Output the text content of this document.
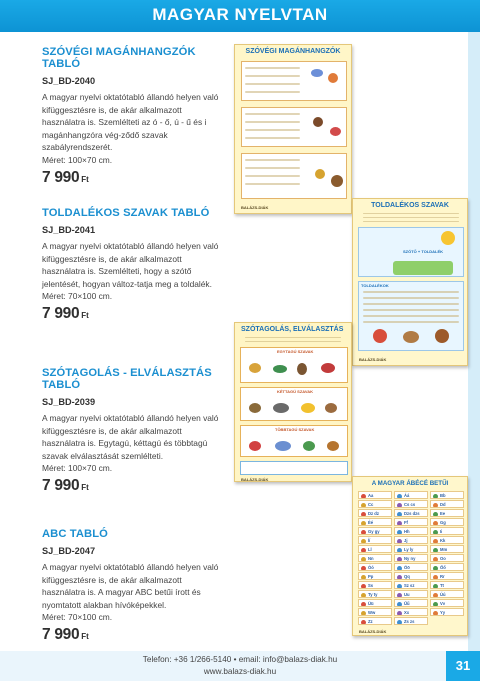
MAGYAR NYELVTAN
SZÓVÉGI MAGÁNHANGZÓK TABLÓ
SJ_BD-2040
A magyar nyelvi oktatótabló állandó helyen való kifüggesztésre is, de akár alkalmazott használatra is. Szemlélteti az ó - ő, ú - ű és i magánhangzóra vég-ződő szavak szabályrendszerét.
Méret: 100×70 cm.
7 990 Ft
TOLDALÉKOS SZAVAK TABLÓ
SJ_BD-2041
A magyar nyelvi oktatótabló állandó helyen való kifüggesztésre is, de akár alkalmazott használatra is. Szemlélteti, hogy a szótő jelentését, hogyan változ-tatja meg a toldalék.
Méret: 70×100 cm.
7 990 Ft
SZÓTAGOLÁS - ELVÁLASZTÁS TABLÓ
SJ_BD-2039
A magyar nyelvi oktatótabló állandó helyen való kifüggesztésre is, de akár alkalmazott használatra is. Egytagú, kéttagú és többtagú szavak elválasztását szemlélteti.
Méret: 100×70 cm.
7 990 Ft
ABC TABLÓ
SJ_BD-2047
A magyar nyelvi oktatótabló állandó helyen való kifüggesztésre is, de akár alkalmazott használatra is. A magyar ABC betűi írott és nyomtatott alakban hívóképekkel.
Méret: 70×100 cm.
7 990 Ft
SZÓVÉGI MAGÁNHANGZÓK
BALÁZS-DIÁK	TOLDALÉKOS SZAVAK
SZÓTŐ + TOLDALÉK
TOLDALÉKOK
BALÁZS-DIÁK
SZÓTAGOLÁS, ELVÁLASZTÁS
EGYTAGÚ SZAVAK
KÉTTAGÚ SZAVAK
TÖBBTAGÚ SZAVAK
BALÁZS-DIÁK
A MAGYAR ÁBÉCÉ BETŰI
Aa	Áá	Bb
Cc	Cs cs	Dd
Dz dz	Dzs dzs	Ee
Éé	Ff	Gg
Gy gy	Hh	Ii
Íí	Jj	Kk
Ll	Ly ly	Mm
Nn	Ny ny	Oo
Óó	Öö	Őő
Pp	Qq	Rr
Ss	Sz sz	Tt
Ty ty	Uu	Úú
Üü	Űű	Vv
Ww	Xx	Yy
Zz	Zs zs
BALÁZS-DIÁK
Telefon: +36 1/266-5140 • email: info@balazs-diak.hu
www.balazs-diak.hu	31
